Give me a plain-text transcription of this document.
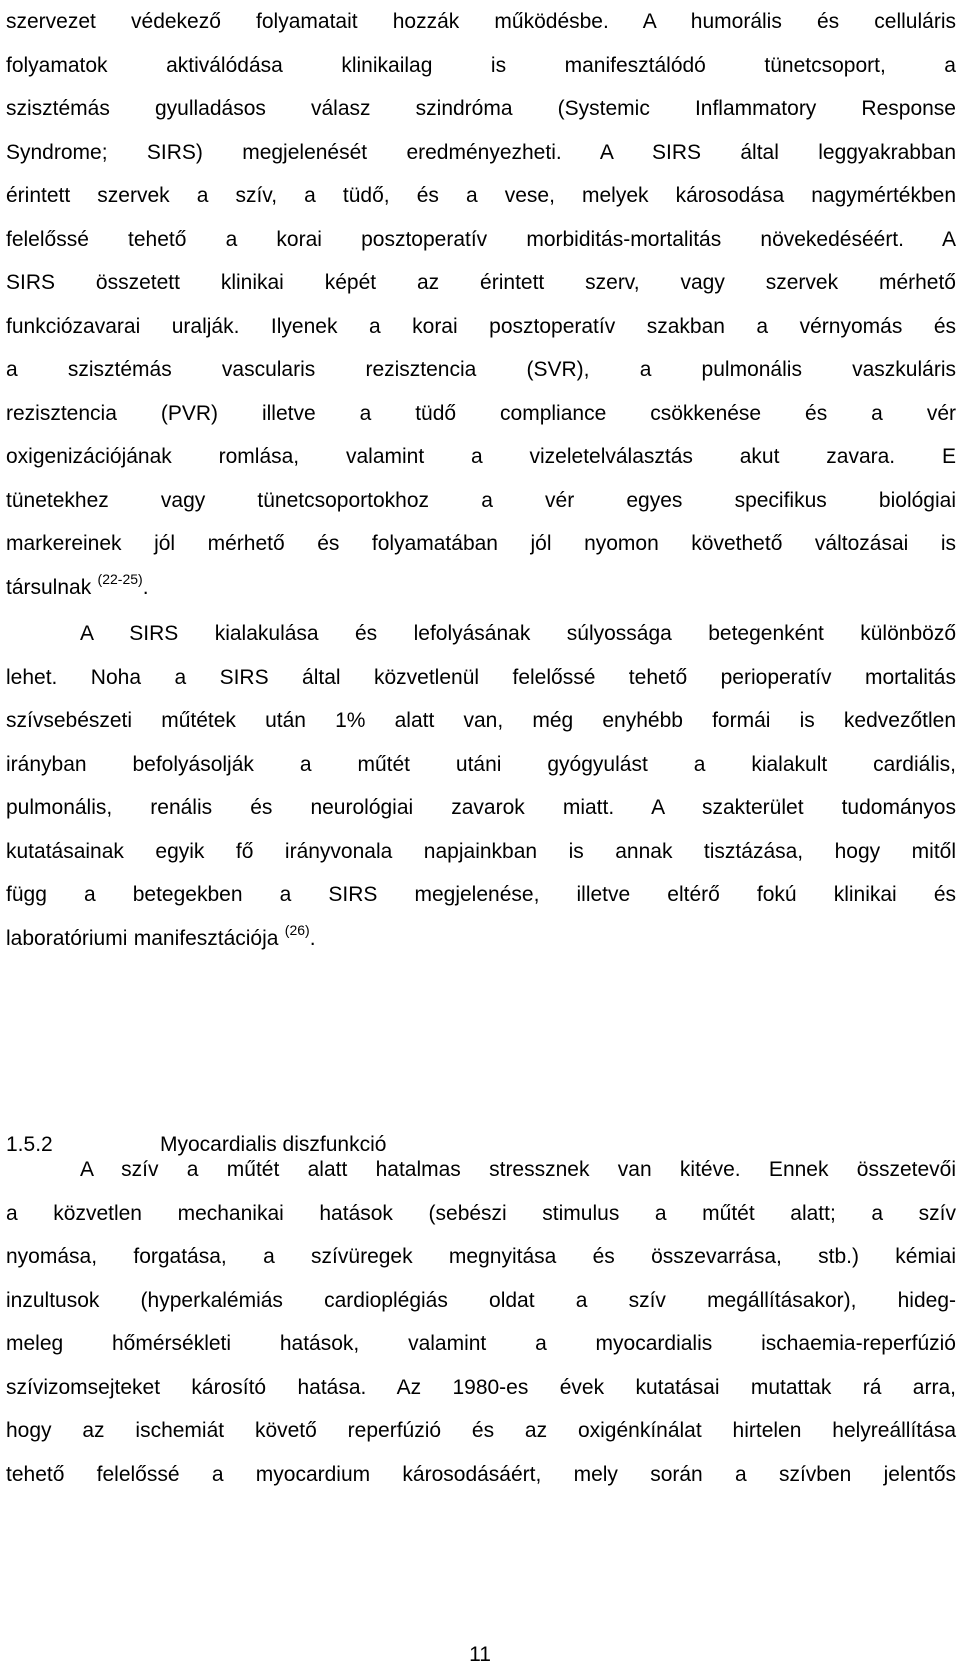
szervezet védekező folyamatait hozzák működésbe. A humorális és celluláris
folyamatok aktiválódása klinikailag is manifesztálódó tünetcsoport, a
szisztémás gyulladásos válasz szindróma (Systemic Inflammatory Response
Syndrome; SIRS) megjelenését eredményezheti. A SIRS által leggyakrabban
érintett szervek a szív, a tüdő, és a vese, melyek károsodása nagymértékben
felelőssé tehető a korai posztoperatív morbiditás-mortalitás növekedéséért. A
SIRS összetett klinikai képét az érintett szerv, vagy szervek mérhető
funkciózavarai uralják. Ilyenek a korai posztoperatív szakban a vérnyomás és
a szisztémás vascularis rezisztencia (SVR), a pulmonális vaszkuláris
rezisztencia (PVR) illetve a tüdő compliance csökkenése és a vér
oxigenizációjának romlása, valamint a vizeletelválasztás akut zavara. E
tünetekhez vagy tünetcsoportokhoz a vér egyes specifikus biológiai
markereinek jól mérhető és folyamatában jól nyomon követhető változásai is
társulnak $^{(22-25)}$.
A SIRS kialakulása és lefolyásának súlyossága betegenként különböző
lehet. Noha a SIRS által közvetlenül felelőssé tehető perioperatív mortalitás
szívsebészeti műtétek után 1% alatt van, még enyhébb formái is kedvezőtlen
irányban befolyásolják a műtét utáni gyógyulást a kialakult cardiális,
pulmonális, renális és neurológiai zavarok miatt. A szakterület tudományos
kutatásainak egyik fő irányvonala napjainkban is annak tisztázása, hogy mitől
függ a betegekben a SIRS megjelenése, illetve eltérő fokú klinikai és
laboratóriumi manifesztációja $^{(26)}$.
1.5.2	Myocardialis diszfunkció
A szív a műtét alatt hatalmas stressznek van kitéve. Ennek összetevői
a közvetlen mechanikai hatások (sebészi stimulus a műtét alatt; a szív
nyomása, forgatása, a szívüregek megnyitása és összevarrása, stb.) kémiai
inzultusok (hyperkalémiás cardioplégiás oldat a szív megállításakor), hideg-
meleg hőmérsékleti hatások, valamint a myocardialis ischaemia-reperfúzió
szívizomsejteket károsító hatása. Az 1980-es évek kutatásai mutattak rá arra,
hogy az ischemiát követő reperfúzió és az oxigénkínálat hirtelen helyreállítása
tehető felelőssé a myocardium károsodásáért, mely során a szívben jelentős
11
